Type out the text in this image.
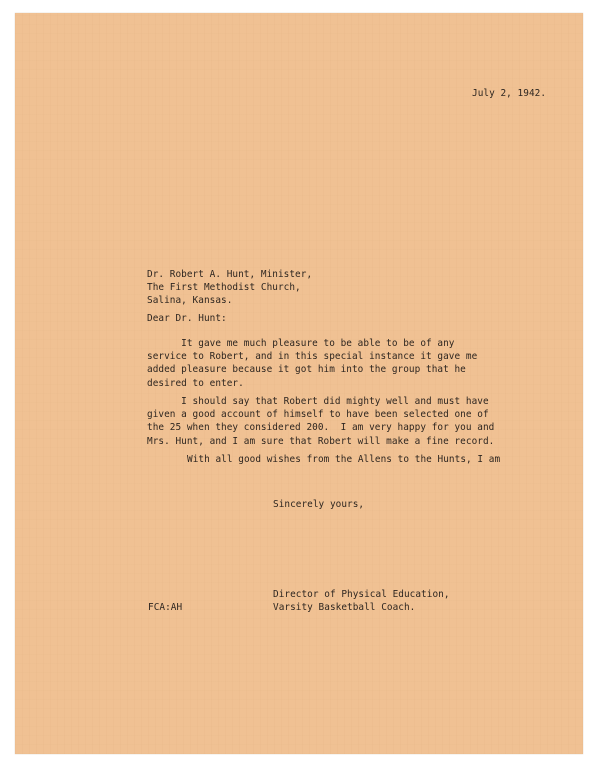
July 2, 1942.
Dr. Robert A. Hunt, Minister,
The First Methodist Church,
Salina, Kansas.
Dear Dr. Hunt:
It gave me much pleasure to be able to be of any
service to Robert, and in this special instance it gave me
added pleasure because it got him into the group that he
desired to enter.
I should say that Robert did mighty well and must have
given a good account of himself to have been selected one of
the 25 when they considered 200.  I am very happy for you and
Mrs. Hunt, and I am sure that Robert will make a fine record.
With all good wishes from the Allens to the Hunts, I am
Sincerely yours,
Director of Physical Education,
Varsity Basketball Coach.
FCA:AH
